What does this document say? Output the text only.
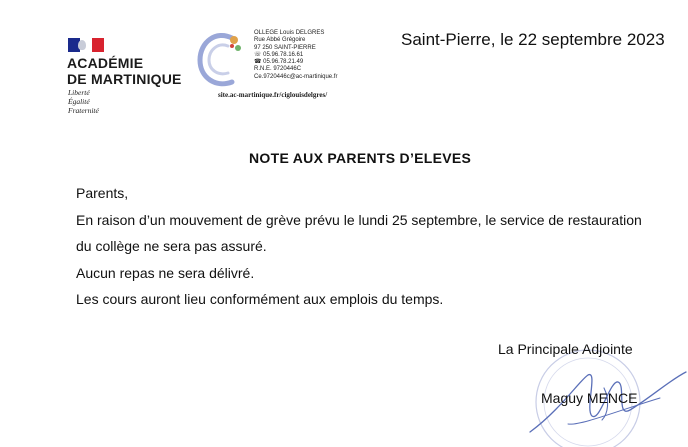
ACADÉMIE
DE MARTINIQUE
Liberté
Égalité
Fraternité
OLLEGE Louis DELGRES
Rue Abbé Grégoire
97 250 SAINT-PIERRE
☏ 05.96.78.16.61
☎ 05.96.78.21.49
R.N.E. 9720446C
Ce.9720446c@ac-martinique.fr
site.ac-martinique.fr/ciglouisdelgres/
Saint-Pierre, le 22 septembre 2023
NOTE AUX PARENTS D’ELEVES

Parents,

En raison d’un mouvement de grève prévu le lundi 25 septembre, le service de restauration

du collège ne sera pas assuré.

Aucun repas ne sera délivré.

Les cours auront lieu conformément aux emplois du temps.

La Principale Adjointe
Maguy MENCE
